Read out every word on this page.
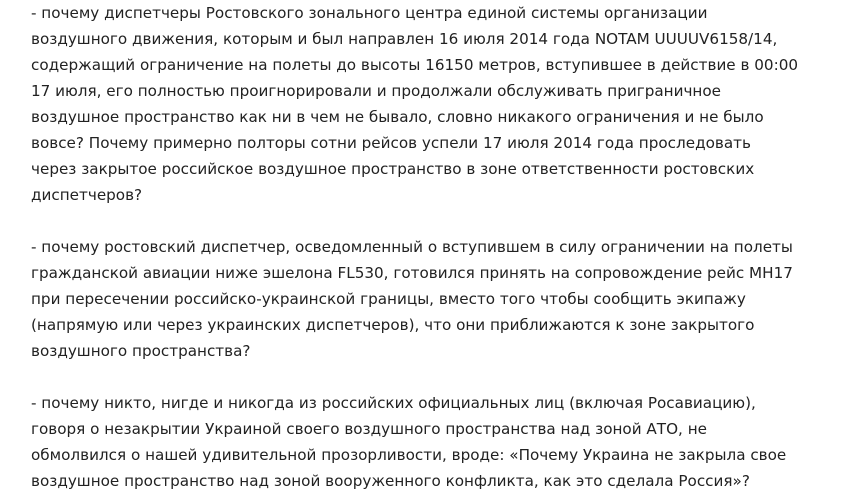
- почему диспетчеры Ростовского зонального центра единой системы организации
воздушного движения, которым и был направлен 16 июля 2014 года NOTAM UUUUV6158/14,
содержащий ограничение на полеты до высоты 16150 метров, вступившее в действие в 00:00
17 июля, его полностью проигнорировали и продолжали обслуживать приграничное
воздушное пространство как ни в чем не бывало, словно никакого ограничения и не было
вовсе? Почему примерно полторы сотни рейсов успели 17 июля 2014 года проследовать
через закрытое российское воздушное пространство в зоне ответственности ростовских
диспетчеров?

- почему ростовский диспетчер, осведомленный о вступившем в силу ограничении на полеты
гражданской авиации ниже эшелона FL530, готовился принять на сопровождение рейс MH17
при пересечении российско-украинской границы, вместо того чтобы сообщить экипажу
(напрямую или через украинских диспетчеров), что они приближаются к зоне закрытого
воздушного пространства?

- почему никто, нигде и никогда из российских официальных лиц (включая Росавиацию),
говоря о незакрытии Украиной своего воздушного пространства над зоной АТО, не
обмолвился о нашей удивительной прозорливости, вроде: «Почему Украина не закрыла свое
воздушное пространство над зоной вооруженного конфликта, как это сделала Россия»?
